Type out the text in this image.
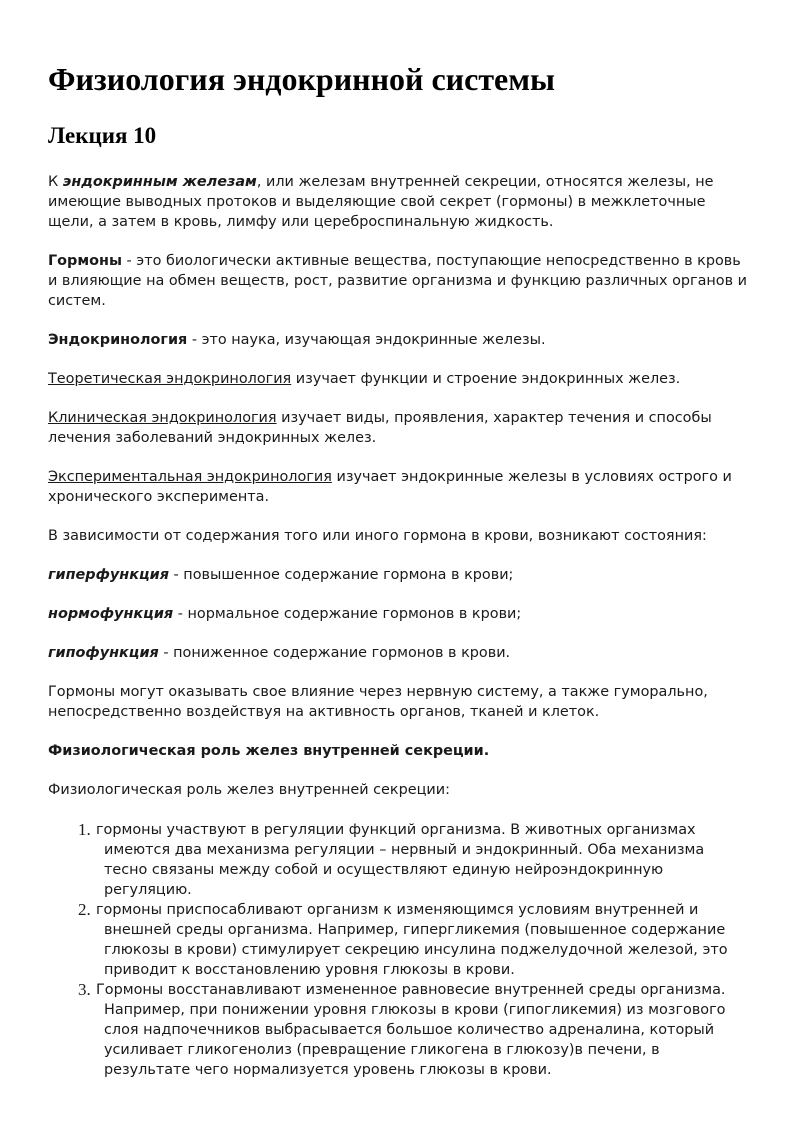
Физиология эндокринной системы
Лекция 10

К эндокринным железам, или железам внутренней секреции, относятся железы, не имеющие выводных протоков и выделяющие свой секрет (гормоны) в межклеточные щели, а затем в кровь, лимфу или цереброспинальную жидкость.

Гормоны - это биологически активные вещества, поступающие непосредственно в кровь и влияющие на обмен веществ, рост, развитие организма и функцию различных органов и систем.

Эндокринология - это наука, изучающая эндокринные железы.

Теоретическая эндокринология изучает функции и строение эндокринных желез.

Клиническая эндокринология изучает виды, проявления, характер течения и способы лечения заболеваний эндокринных желез.

Экспериментальная эндокринология изучает эндокринные железы в условиях острого и хронического эксперимента.

В зависимости от содержания того или иного гормона в крови, возникают состояния:

гиперфункция - повышенное содержание гормона в крови;

нормофункция - нормальное содержание гормонов в крови;

гипофункция - пониженное содержание гормонов в крови.

Гормоны могут оказывать свое влияние через нервную систему, а также гуморально, непосредственно воздействуя на активность органов, тканей и клеток.

Физиологическая роль желез внутренней секреции.

Физиологическая роль желез внутренней секреции:

1. гормоны участвуют в регуляции функций организма. В животных организмах имеются два механизма регуляции – нервный и эндокринный. Оба механизма тесно связаны между собой и осуществляют единую нейроэндокринную регуляцию.
2. гормоны приспосабливают организм к изменяющимся условиям внутренней и внешней среды организма. Например, гипергликемия (повышенное содержание глюкозы в крови) стимулирует секрецию инсулина поджелудочной железой, это приводит к восстановлению уровня глюкозы в крови.
3. Гормоны восстанавливают измененное равновесие внутренней среды организма. Например, при понижении уровня глюкозы в крови (гипогликемия) из мозгового слоя надпочечников выбрасывается большое количество адреналина, который усиливает гликогенолиз (превращение гликогена в глюкозу)в печени, в результате чего нормализуется уровень глюкозы в крови.
